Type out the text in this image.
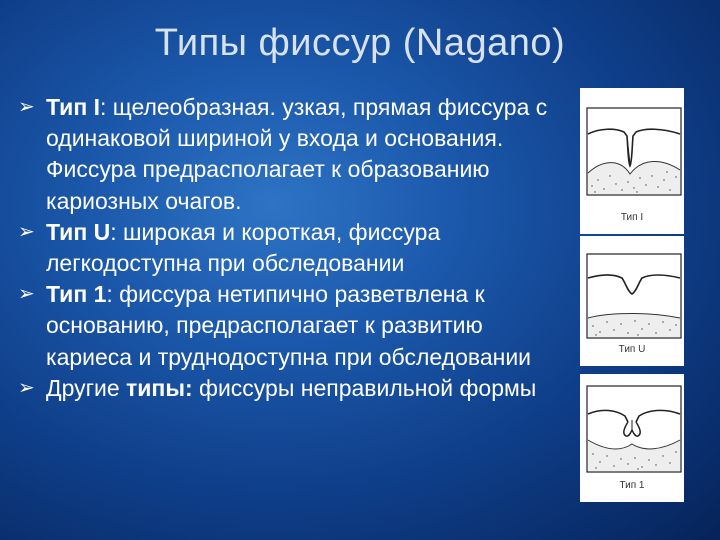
Типы фиссур (Nagano)
➢ Тип I: щелеобразная. узкая, прямая фиссура с одинаковой шириной у входа и основания. Фиссура предрасполагает к образованию кариозных очагов.
➢ Тип U: широкая и короткая, фиссура легкодоступна при обследовании
➢ Тип 1: фиссура нетипично разветвлена к основанию, предрасполагает к развитию кариеса и труднодоступна при обследовании
➢ Другие типы: фиссуры неправильной формы
Тип I
Тип U
Тип 1
